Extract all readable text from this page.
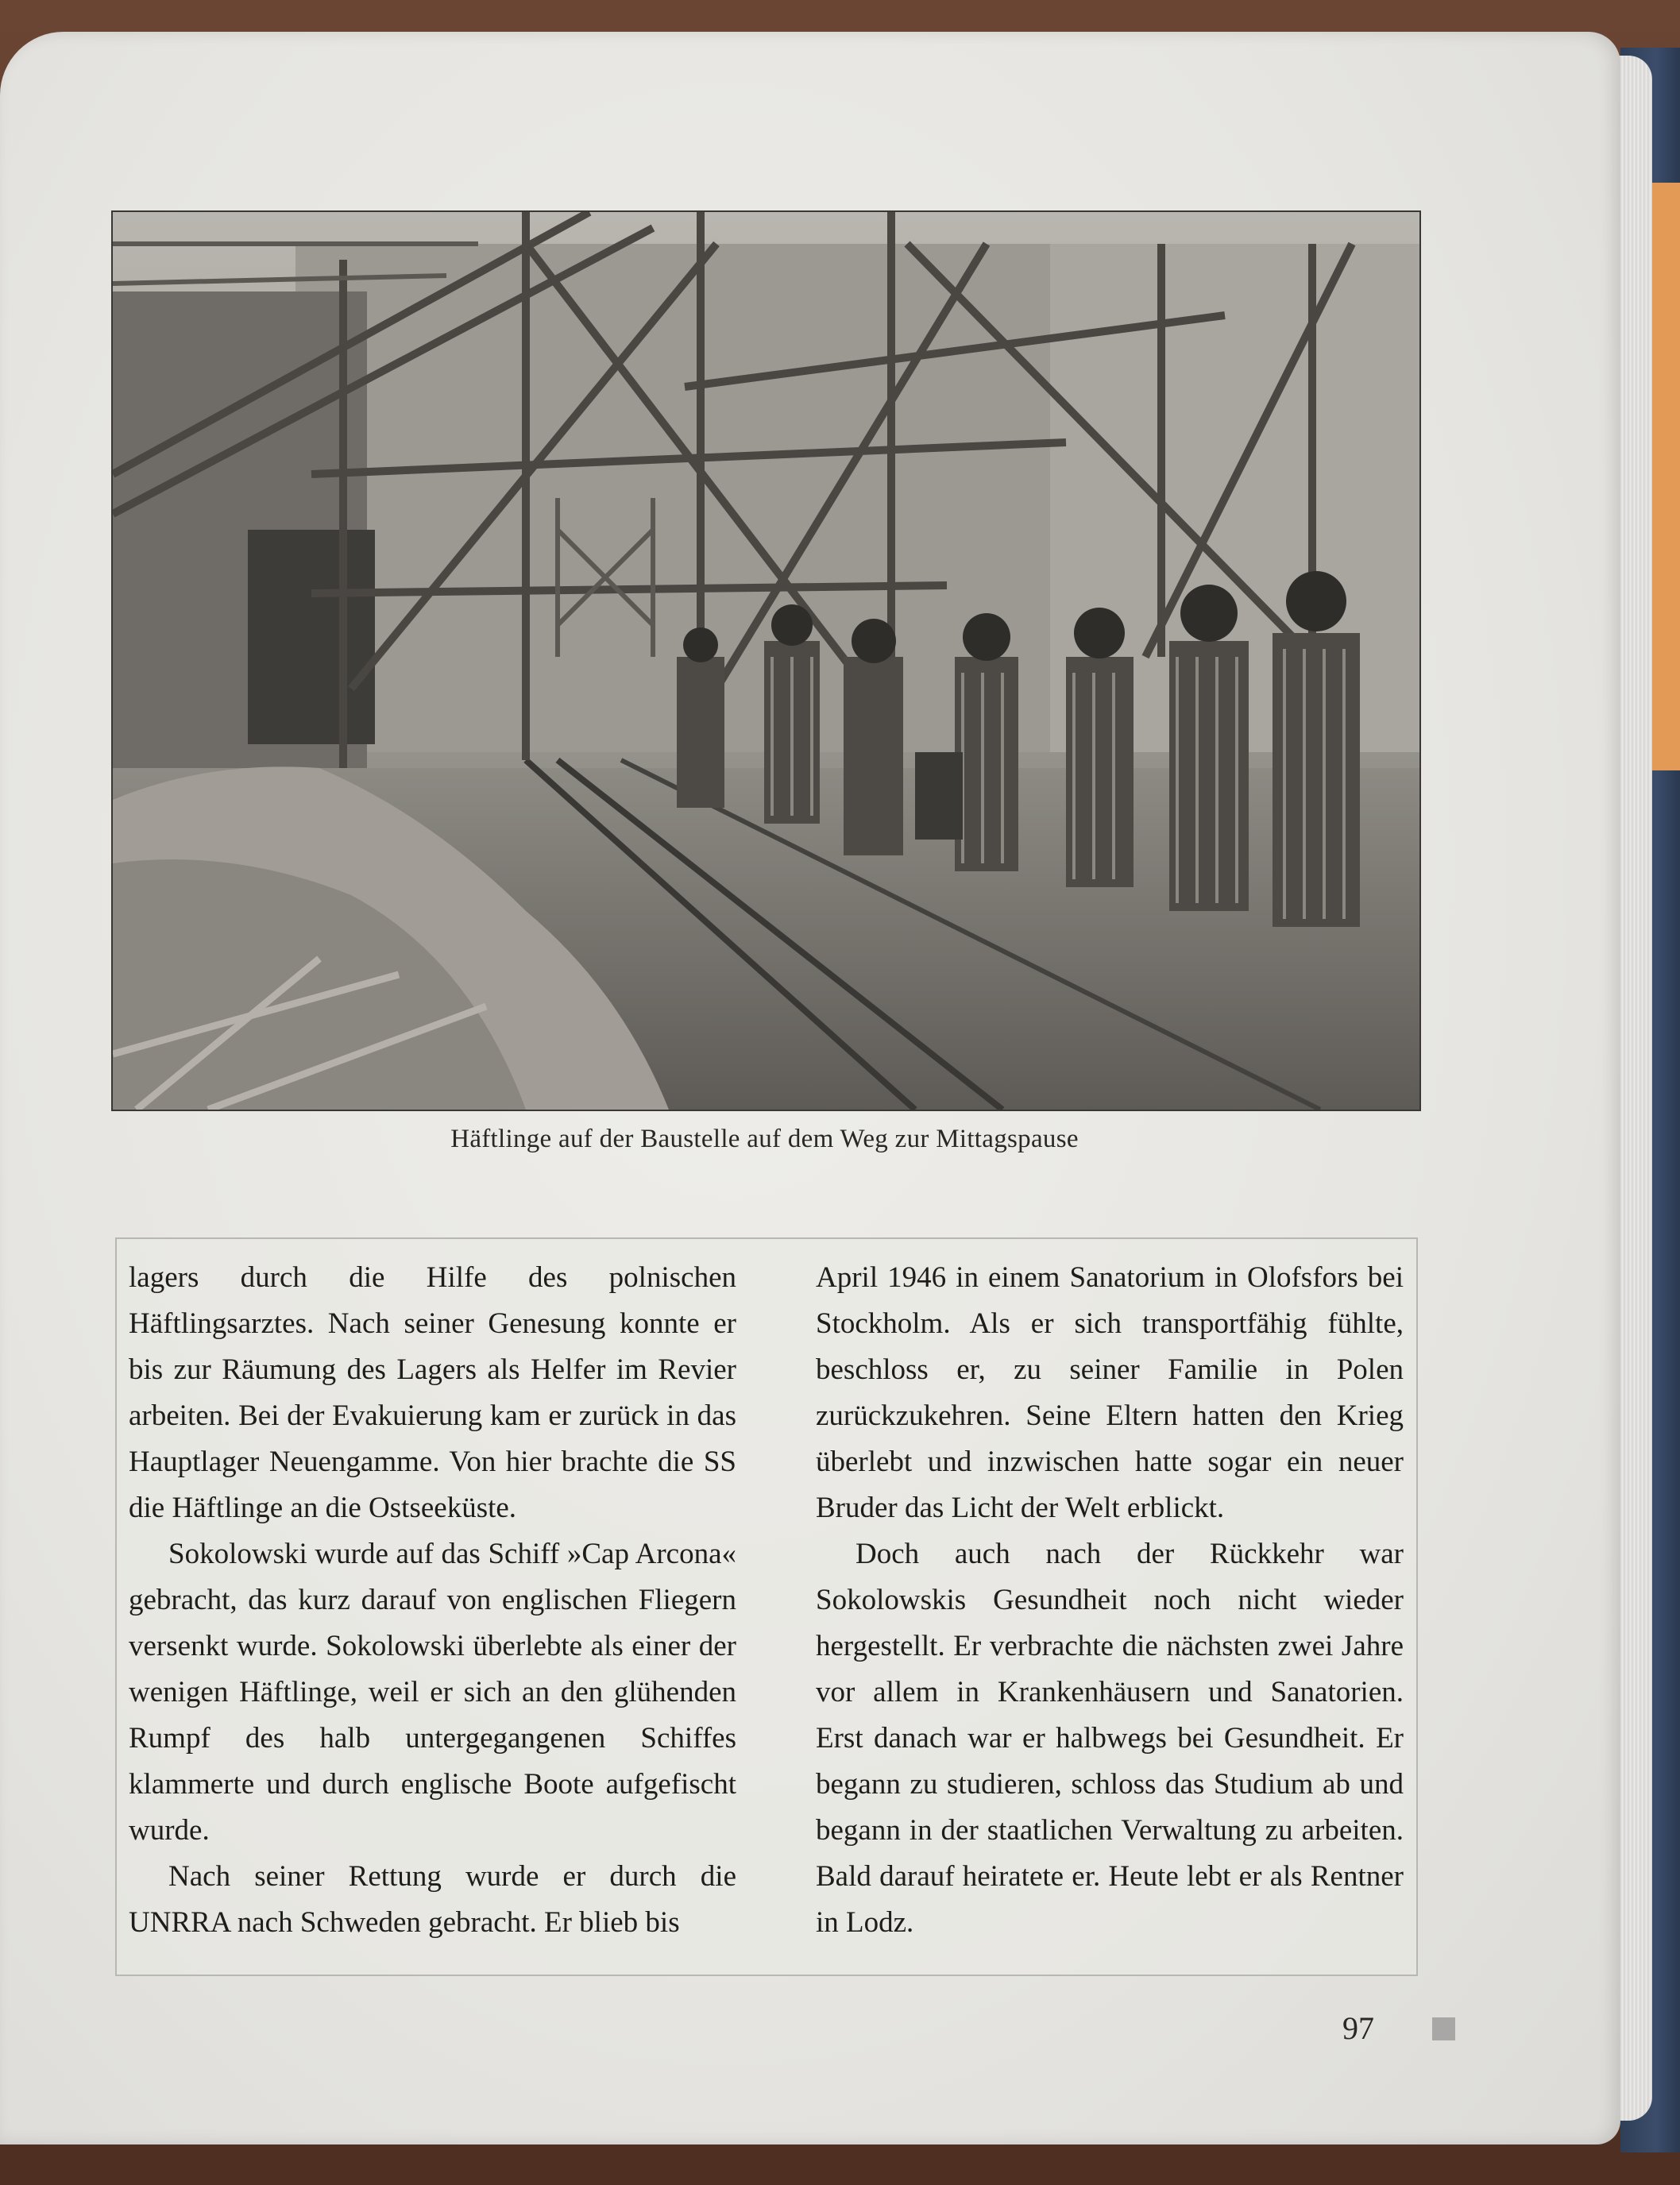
Häftlinge auf der Baustelle auf dem Weg zur Mittagspause

lagers durch die Hilfe des polnischen Häftlingsarztes. Nach seiner Genesung konnte er bis zur Räumung des Lagers als Helfer im Revier arbeiten. Bei der Evakuierung kam er zurück in das Hauptlager Neuengamme. Von hier brachte die SS die Häftlinge an die Ostseeküste.

Sokolowski wurde auf das Schiff »Cap Arcona« gebracht, das kurz darauf von englischen Fliegern versenkt wurde. Sokolowski überlebte als einer der wenigen Häftlinge, weil er sich an den glühenden Rumpf des halb untergegangenen Schiffes klammerte und durch englische Boote aufgefischt wurde.

Nach seiner Rettung wurde er durch die UNRRA nach Schweden gebracht. Er blieb bis

April 1946 in einem Sanatorium in Olofsfors bei Stockholm. Als er sich transportfähig fühlte, beschloss er, zu seiner Familie in Polen zurückzukehren. Seine Eltern hatten den Krieg überlebt und inzwischen hatte sogar ein neuer Bruder das Licht der Welt erblickt.

Doch auch nach der Rückkehr war Sokolowskis Gesundheit noch nicht wieder hergestellt. Er verbrachte die nächsten zwei Jahre vor allem in Krankenhäusern und Sanatorien. Erst danach war er halbwegs bei Gesundheit. Er begann zu studieren, schloss das Studium ab und begann in der staatlichen Verwaltung zu arbeiten. Bald darauf heiratete er. Heute lebt er als Rentner in Lodz.

97
